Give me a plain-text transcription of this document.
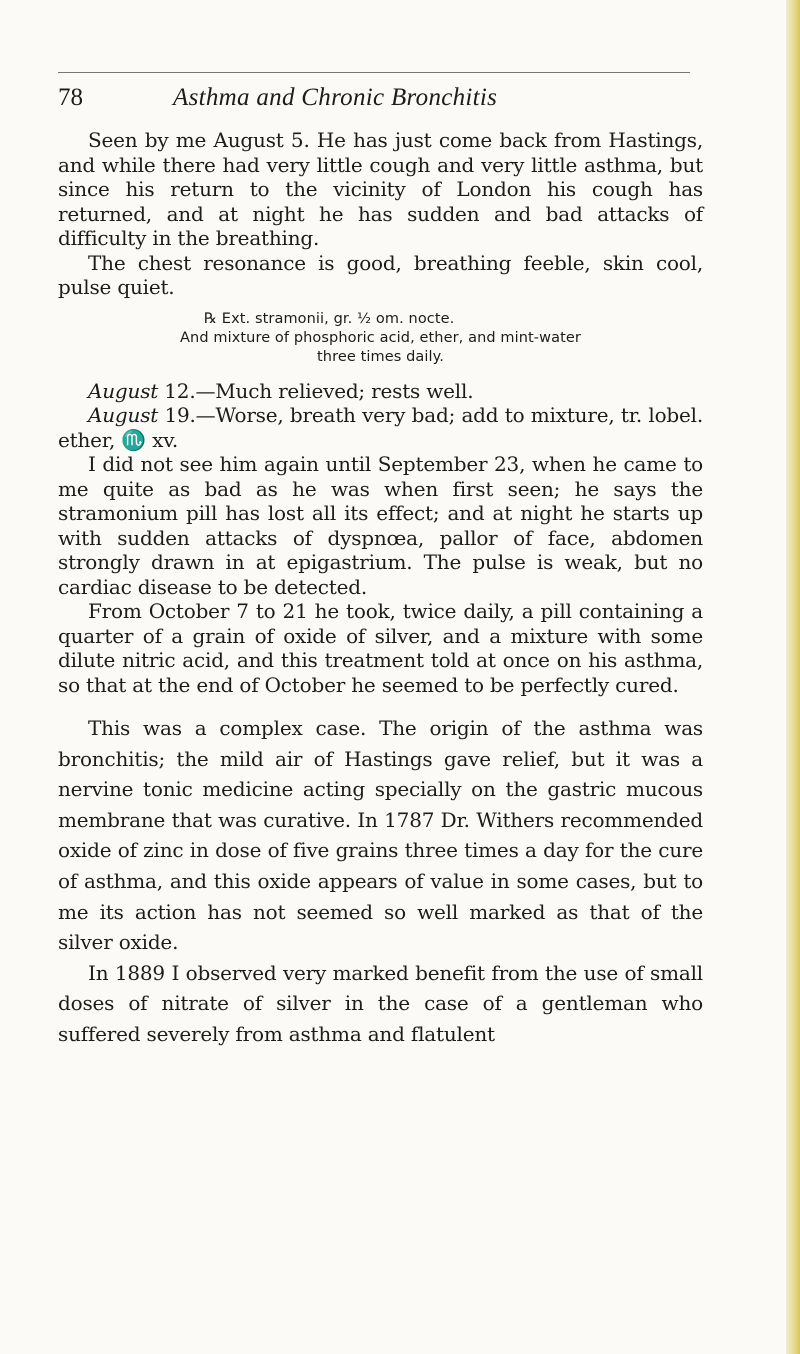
78	Asthma and Chronic Bronchitis

Seen by me August 5. He has just come back from Hastings, and while there had very little cough and very little asthma, but since his return to the vicinity of London his cough has returned, and at night he has sudden and bad attacks of difficulty in the breathing.

The chest resonance is good, breathing feeble, skin cool, pulse quiet.

℞ Ext. stramonii, gr. ½ om. nocte.

And mixture of phosphoric acid, ether, and mint-water

three times daily.

August 12.—Much relieved; rests well.

August 19.—Worse, breath very bad; add to mixture, tr. lobel. ether, ♏ xv.

I did not see him again until September 23, when he came to me quite as bad as he was when first seen; he says the stramonium pill has lost all its effect; and at night he starts up with sudden attacks of dyspnœa, pallor of face, abdomen strongly drawn in at epigastrium. The pulse is weak, but no cardiac disease to be detected.

From October 7 to 21 he took, twice daily, a pill containing a quarter of a grain of oxide of silver, and a mixture with some dilute nitric acid, and this treatment told at once on his asthma, so that at the end of October he seemed to be perfectly cured.

This was a complex case. The origin of the asthma was bronchitis; the mild air of Hastings gave relief, but it was a nervine tonic medicine acting specially on the gastric mucous membrane that was curative. In 1787 Dr. Withers recommended oxide of zinc in dose of five grains three times a day for the cure of asthma, and this oxide appears of value in some cases, but to me its action has not seemed so well marked as that of the silver oxide.

In 1889 I observed very marked benefit from the use of small doses of nitrate of silver in the case of a gentleman who suffered severely from asthma and flatulent
